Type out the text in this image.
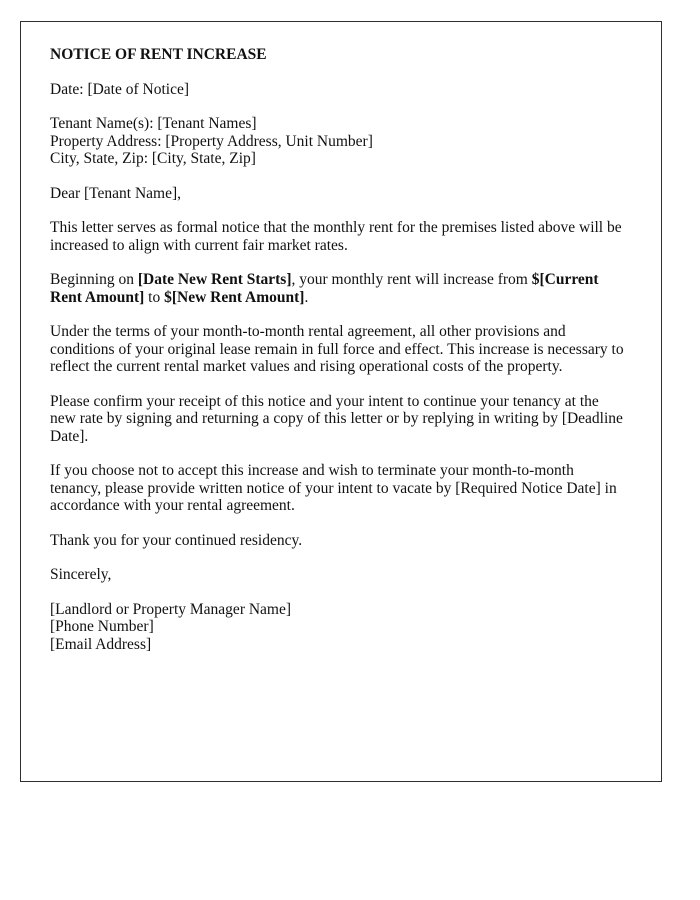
NOTICE OF RENT INCREASE

Date: [Date of Notice]

Tenant Name(s): [Tenant Names]
Property Address: [Property Address, Unit Number]
City, State, Zip: [City, State, Zip]

Dear [Tenant Name],

This letter serves as formal notice that the monthly rent for the premises listed above will be increased to align with current fair market rates.

Beginning on [Date New Rent Starts], your monthly rent will increase from $[Current Rent Amount] to $[New Rent Amount].

Under the terms of your month-to-month rental agreement, all other provisions and conditions of your original lease remain in full force and effect. This increase is necessary to reflect the current rental market values and rising operational costs of the property.

Please confirm your receipt of this notice and your intent to continue your tenancy at the new rate by signing and returning a copy of this letter or by replying in writing by [Deadline Date].

If you choose not to accept this increase and wish to terminate your month-to-month tenancy, please provide written notice of your intent to vacate by [Required Notice Date] in accordance with your rental agreement.

Thank you for your continued residency.

Sincerely,

[Landlord or Property Manager Name]
[Phone Number]
[Email Address]
